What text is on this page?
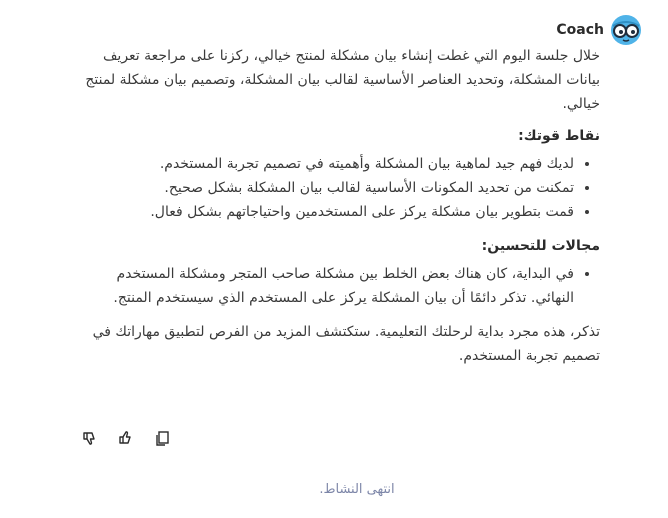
Coach

خلال جلسة اليوم التي غطت إنشاء بيان مشكلة لمنتج خيالي، ركزنا على مراجعة تعريف بيانات المشكلة، وتحديد العناصر الأساسية لقالب بيان المشكلة، وتصميم بيان مشكلة لمنتج خيالي.

نقاط قوتك:

• لديك فهم جيد لماهية بيان المشكلة وأهميته في تصميم تجربة المستخدم.
• تمكنت من تحديد المكونات الأساسية لقالب بيان المشكلة بشكل صحيح.
• قمت بتطوير بيان مشكلة يركز على المستخدمين واحتياجاتهم بشكل فعال.

مجالات للتحسين:

• في البداية، كان هناك بعض الخلط بين مشكلة صاحب المتجر ومشكلة المستخدم النهائي. تذكر دائمًا أن بيان المشكلة يركز على المستخدم الذي سيستخدم المنتج.

تذكر، هذه مجرد بداية لرحلتك التعليمية. ستكتشف المزيد من الفرص لتطبيق مهاراتك في تصميم تجربة المستخدم.

انتهى النشاط.
